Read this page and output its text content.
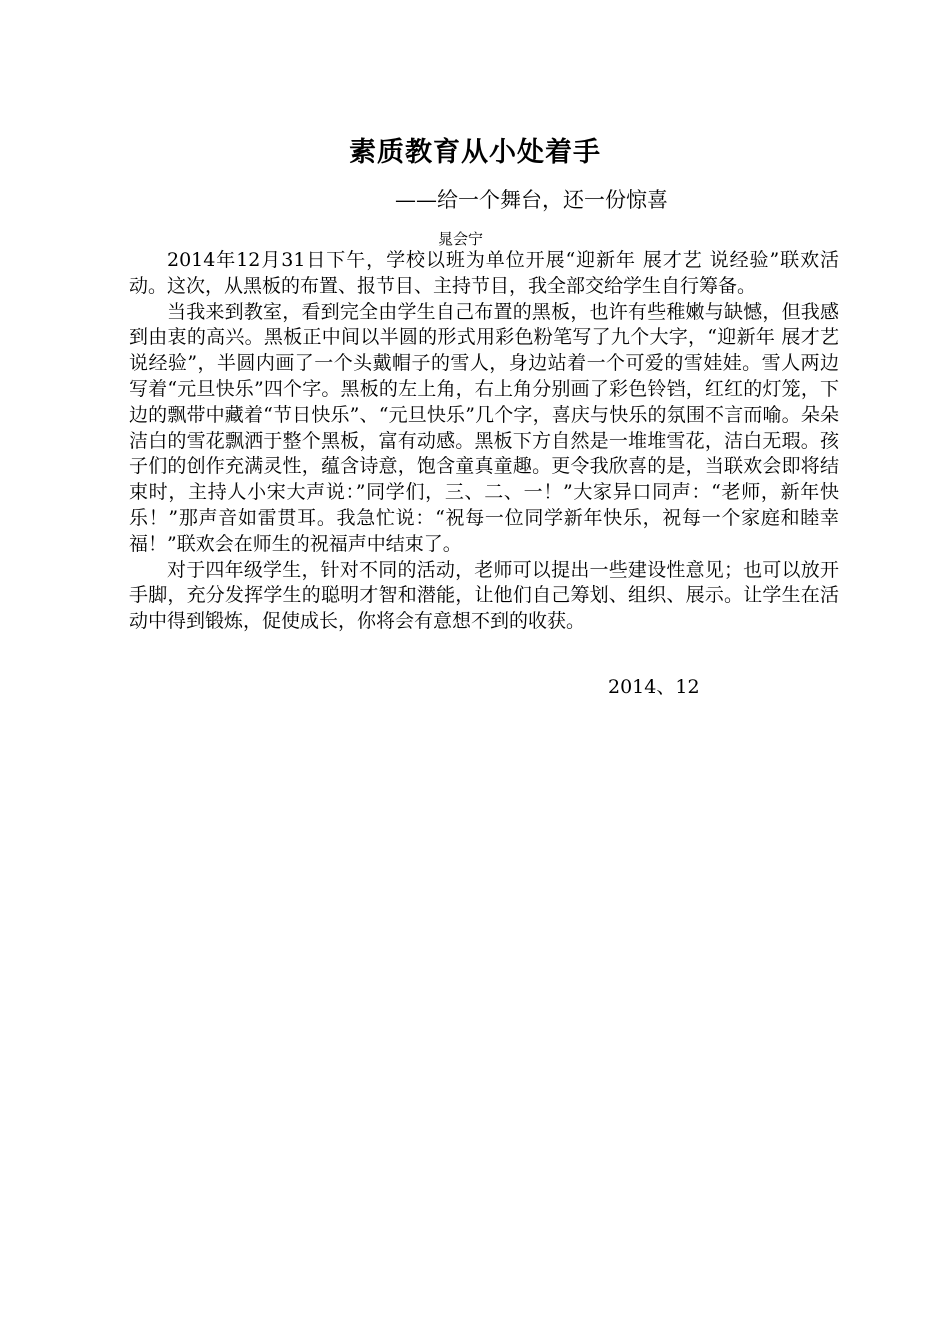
素质教育从小处着手
——给一个舞台，还一份惊喜
晁会宁

2014年12月31日下午，学校以班为单位开展“迎新年 展才艺 说经验”联欢活动。这次，从黑板的布置、报节目、主持节目，我全部交给学生自行筹备。

当我来到教室，看到完全由学生自己布置的黑板，也许有些稚嫩与缺憾，但我感到由衷的高兴。黑板正中间以半圆的形式用彩色粉笔写了九个大字，“迎新年 展才艺 说经验”，半圆内画了一个头戴帽子的雪人，身边站着一个可爱的雪娃娃。雪人两边写着“元旦快乐”四个字。黑板的左上角，右上角分别画了彩色铃铛，红红的灯笼，下边的飘带中藏着“节日快乐”、“元旦快乐”几个字，喜庆与快乐的氛围不言而喻。朵朵洁白的雪花飘洒于整个黑板，富有动感。黑板下方自然是一堆堆雪花，洁白无瑕。孩子们的创作充满灵性，蕴含诗意，饱含童真童趣。更令我欣喜的是，当联欢会即将结束时，主持人小宋大声说：”同学们，三、二、一！”大家异口同声：“老师，新年快乐！”那声音如雷贯耳。我急忙说：“祝每一位同学新年快乐，祝每一个家庭和睦幸福！”联欢会在师生的祝福声中结束了。

对于四年级学生，针对不同的活动，老师可以提出一些建设性意见；也可以放开手脚，充分发挥学生的聪明才智和潜能，让他们自己筹划、组织、展示。让学生在活动中得到锻炼，促使成长，你将会有意想不到的收获。

2014、12
